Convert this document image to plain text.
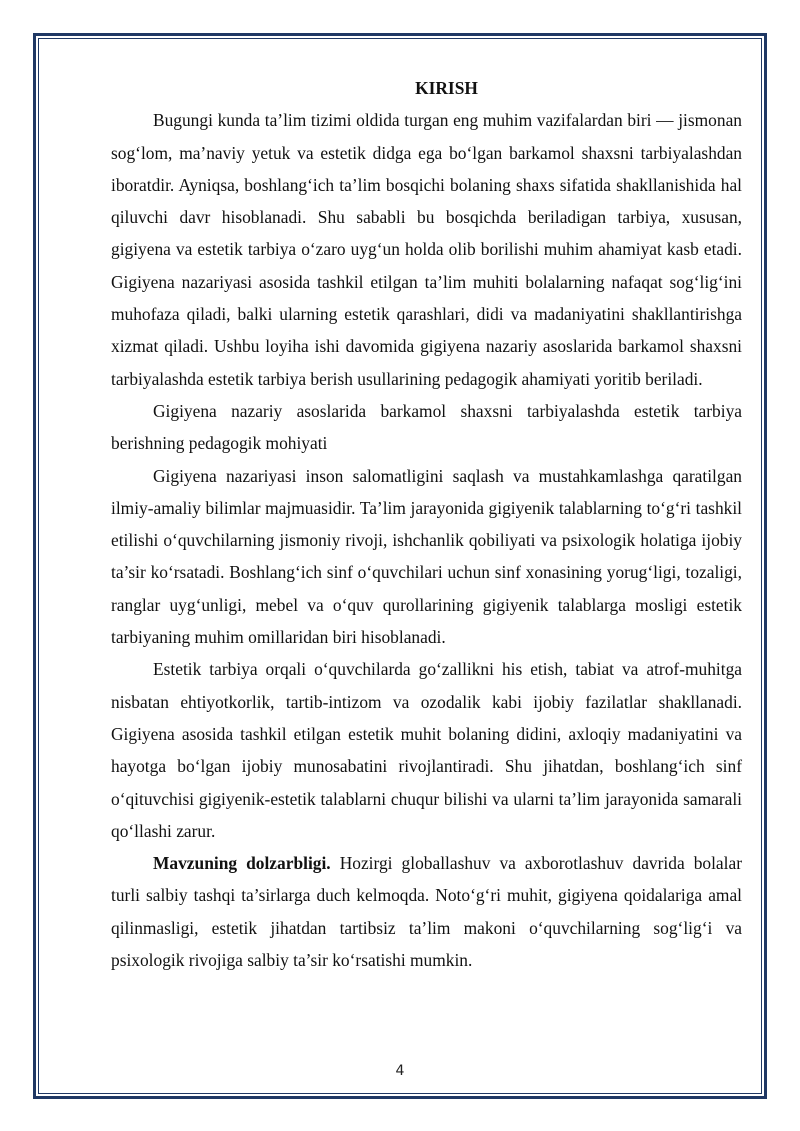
KIRISH

Bugungi kunda ta’lim tizimi oldida turgan eng muhim vazifalardan biri — jismonan sog‘lom, ma’naviy yetuk va estetik didga ega bo‘lgan barkamol shaxsni tarbiyalashdan iboratdir. Ayniqsa, boshlang‘ich ta’lim bosqichi bolaning shaxs sifatida shakllanishida hal qiluvchi davr hisoblanadi. Shu sababli bu bosqichda beriladigan tarbiya, xususan, gigiyena va estetik tarbiya o‘zaro uyg‘un holda olib borilishi muhim ahamiyat kasb etadi. Gigiyena nazariyasi asosida tashkil etilgan ta’lim muhiti bolalarning nafaqat sog‘lig‘ini muhofaza qiladi, balki ularning estetik qarashlari, didi va madaniyatini shakllantirishga xizmat qiladi. Ushbu loyiha ishi davomida gigiyena nazariy asoslarida barkamol shaxsni tarbiyalashda estetik tarbiya berish usullarining pedagogik ahamiyati yoritib beriladi.

Gigiyena nazariy asoslarida barkamol shaxsni tarbiyalashda estetik tarbiya berishning pedagogik mohiyati

Gigiyena nazariyasi inson salomatligini saqlash va mustahkamlashga qaratilgan ilmiy-amaliy bilimlar majmuasidir. Ta’lim jarayonida gigiyenik talablarning to‘g‘ri tashkil etilishi o‘quvchilarning jismoniy rivoji, ishchanlik qobiliyati va psixologik holatiga ijobiy ta’sir ko‘rsatadi. Boshlang‘ich sinf o‘quvchilari uchun sinf xonasining yorug‘ligi, tozaligi, ranglar uyg‘unligi, mebel va o‘quv qurollarining gigiyenik talablarga mosligi estetik tarbiyaning muhim omillaridan biri hisoblanadi.

Estetik tarbiya orqali o‘quvchilarda go‘zallikni his etish, tabiat va atrof-muhitga nisbatan ehtiyotkorlik, tartib-intizom va ozodalik kabi ijobiy fazilatlar shakllanadi. Gigiyena asosida tashkil etilgan estetik muhit bolaning didini, axloqiy madaniyatini va hayotga bo‘lgan ijobiy munosabatini rivojlantiradi. Shu jihatdan, boshlang‘ich sinf o‘qituvchisi gigiyenik-estetik talablarni chuqur bilishi va ularni ta’lim jarayonida samarali qo‘llashi zarur.

Mavzuning dolzarbligi. Hozirgi globallashuv va axborotlashuv davrida bolalar turli salbiy tashqi ta’sirlarga duch kelmoqda. Noto‘g‘ri muhit, gigiyena qoidalariga amal qilinmasligi, estetik jihatdan tartibsiz ta’lim makoni o‘quvchilarning sog‘lig‘i va psixologik rivojiga salbiy ta’sir ko‘rsatishi mumkin.

4
